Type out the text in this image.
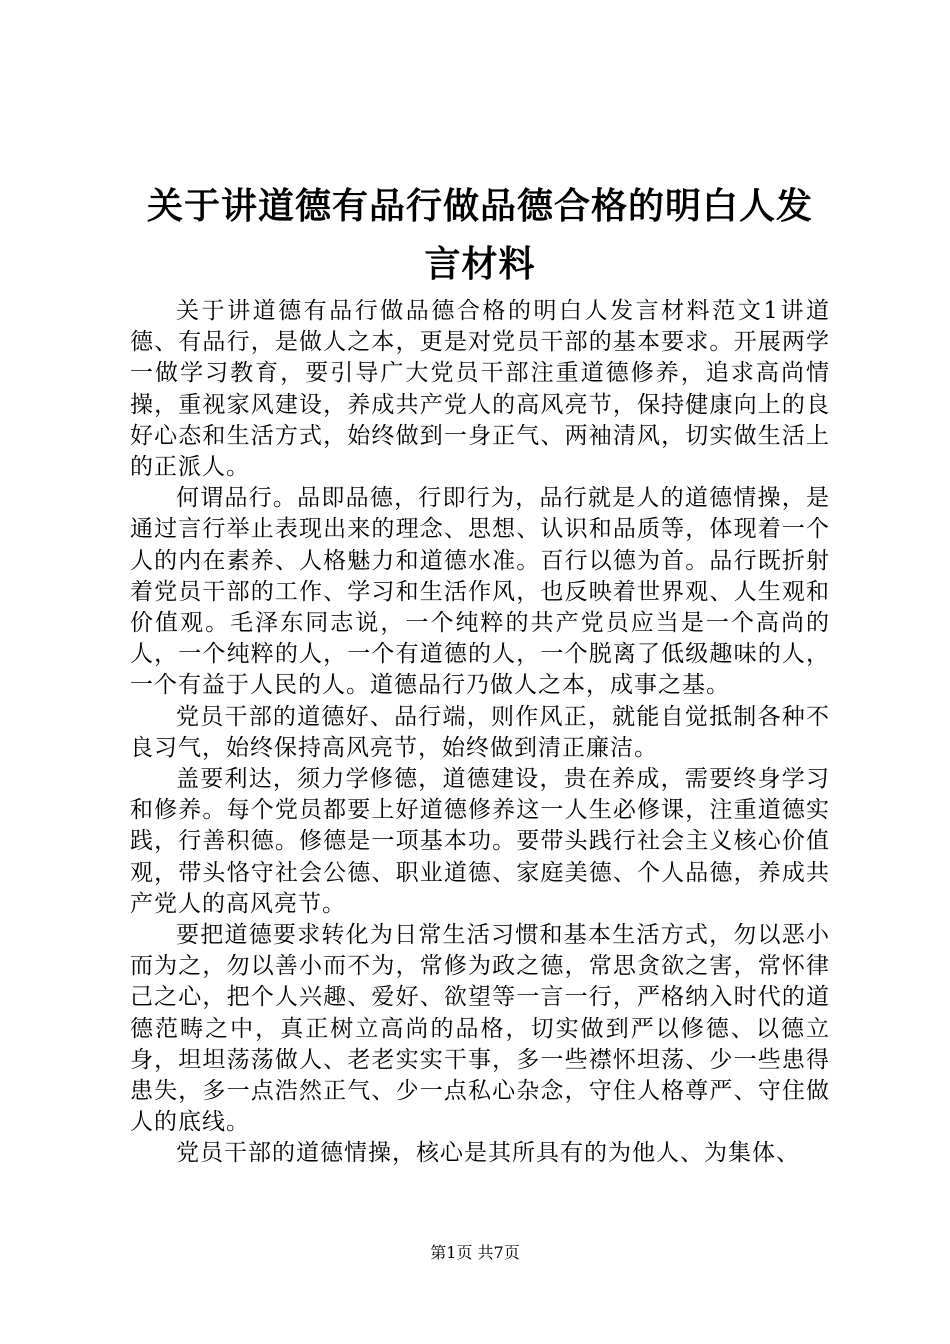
关于讲道德有品行做品德合格的明白人发言材料

关于讲道德有品行做品德合格的明白人发言材料范文1讲道德、有品行，是做人之本，更是对党员干部的基本要求。开展两学一做学习教育，要引导广大党员干部注重道德修养，追求高尚情操，重视家风建设，养成共产党人的高风亮节，保持健康向上的良好心态和生活方式，始终做到一身正气、两袖清风，切实做生活上的正派人。

何谓品行。品即品德，行即行为，品行就是人的道德情操，是通过言行举止表现出来的理念、思想、认识和品质等，体现着一个人的内在素养、人格魅力和道德水准。百行以德为首。品行既折射着党员干部的工作、学习和生活作风，也反映着世界观、人生观和价值观。毛泽东同志说，一个纯粹的共产党员应当是一个高尚的人，一个纯粹的人，一个有道德的人，一个脱离了低级趣味的人，一个有益于人民的人。道德品行乃做人之本，成事之基。

党员干部的道德好、品行端，则作风正，就能自觉抵制各种不良习气，始终保持高风亮节，始终做到清正廉洁。

盖要利达，须力学修德，道德建设，贵在养成，需要终身学习和修养。每个党员都要上好道德修养这一人生必修课，注重道德实践，行善积德。修德是一项基本功。要带头践行社会主义核心价值观，带头恪守社会公德、职业道德、家庭美德、个人品德，养成共产党人的高风亮节。

要把道德要求转化为日常生活习惯和基本生活方式，勿以恶小而为之，勿以善小而不为，常修为政之德，常思贪欲之害，常怀律己之心，把个人兴趣、爱好、欲望等一言一行，严格纳入时代的道德范畴之中，真正树立高尚的品格，切实做到严以修德、以德立身，坦坦荡荡做人、老老实实干事，多一些襟怀坦荡、少一些患得患失，多一点浩然正气、少一点私心杂念，守住人格尊严、守住做人的底线。

党员干部的道德情操，核心是其所具有的为他人、为集体、

第1页 共7页
